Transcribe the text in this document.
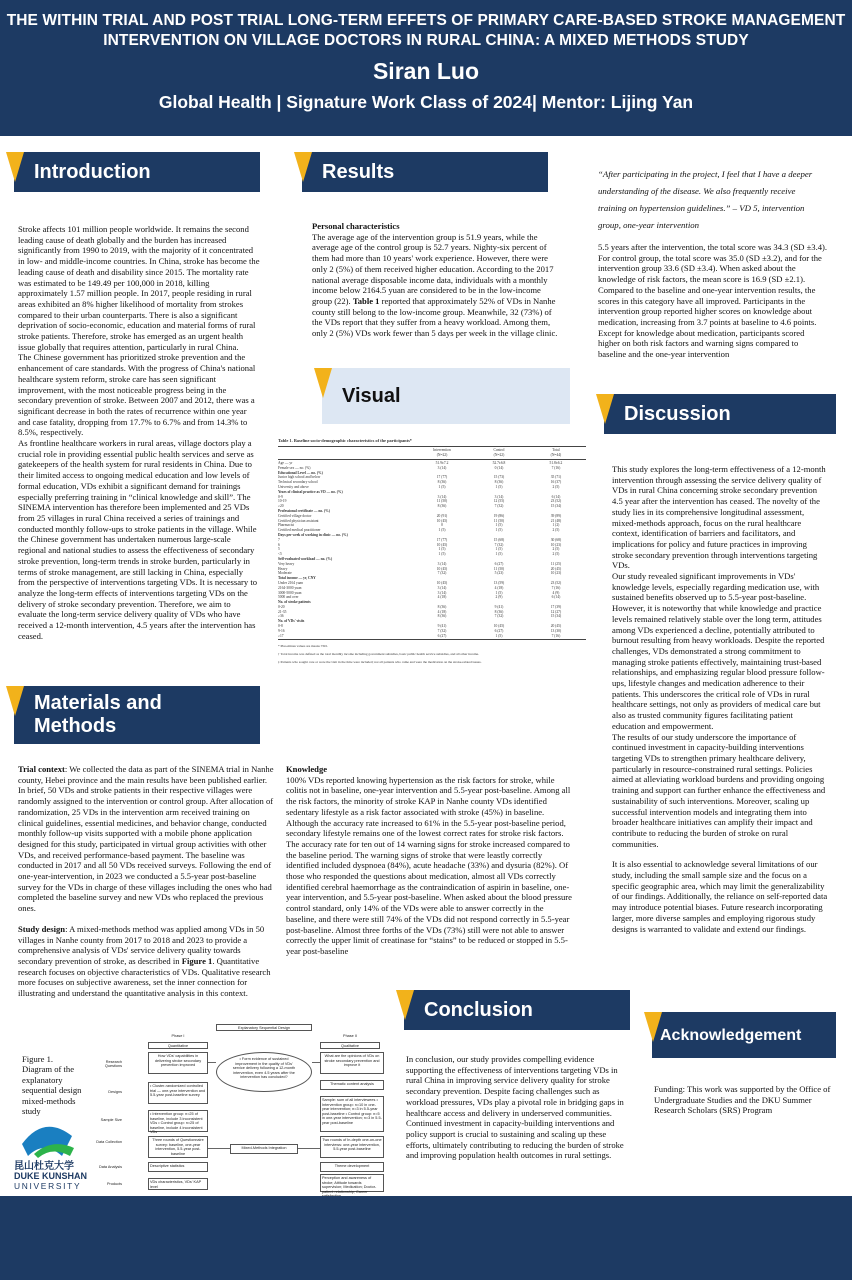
THE WITHIN TRIAL AND POST TRIAL LONG-TERM EFFETS OF PRIMARY CARE-BASED STROKE MANAGEMENT
INTERVENTION ON VILLAGE DOCTORS IN RURAL CHINA: A MIXED METHODS STUDY
Siran Luo
Global Health | Signature Work Class of 2024| Mentor: Lijing Yan
Introduction

Stroke affects 101 million people worldwide. It remains the second leading cause of death globally and the burden has increased significantly from 1990 to 2019, with the majority of it concentrated in low- and middle-income countries. In China, stroke has become the leading cause of death and disability since 2015. The mortality rate was estimated to be 149.49 per 100,000 in 2018, killing approximately 1.57 million people. In 2017, people residing in rural areas exhibited an 8% higher likelihood of mortality from strokes compared to their urban counterparts. There is also a significant deprivation of socio-economic, education and material forms of rural stroke patients. Therefore, stroke has emerged as an urgent health issue globally that requires attention, particularly in rural China.

The Chinese government has prioritized stroke prevention and the enhancement of care standards. With the progress of China's national healthcare system reform, stroke care has seen significant improvement, with the most noticeable progress being in the secondary prevention of stroke. Between 2007 and 2012, there was a significant decrease in both the rates of recurrence within one year and case fatality, dropping from 17.7% to 6.7% and from 14.3% to 8.5%, respectively.

As frontline healthcare workers in rural areas, village doctors play a crucial role in providing essential public health services and serve as gatekeepers of the health system for rural residents in China. Due to their limited access to ongoing medical education and low levels of formal education, VDs exhibit a significant demand for trainings especially preferring training in “clinical knowledge and skill”. The SINEMA intervention has therefore been implemented and 25 VDs from 25 villages in rural China received a series of trainings and conducted monthly follow-ups to stroke patients in the village. While the Chinese government has undertaken numerous large-scale regional and national studies to assess the effectiveness of secondary stroke prevention, long-term trends in stroke burden, particularly in terms of stroke management, are still lacking in China, especially from the perspective of interventions targeting VDs. It is necessary to analyze the long-term effects of interventions targeting VDs on the delivery of stroke secondary prevention. Therefore, we aim to evaluate the long-term service delivery quality of VDs who have received a 12-month intervention, 4.5 years after the intervention has ceased.

Materials and
Methods

Trial context: We collected the data as part of the SINEMA trial in Nanhe county, Hebei province and the main results have been published earlier. In brief, 50 VDs and stroke patients in their respective villages were randomly assigned to the intervention or control group. After allocation of randomization, 25 VDs in the intervention arm received training on clinical guidelines, essential medicines, and behavior change, conducted monthly follow-up visits supported with a mobile phone application designed for this study, participated in virtual group activities with other VDs, and received performance-based payment. The baseline was conducted in 2017 and all 50 VDs received surveys. Following the end of one-year-intervention, in 2023 we conducted a 5.5-year post-baseline survey for the VDs in charge of these villages including the ones who had completed the baseline survey and new VDs who replaced the previous ones.

Study design: A mixed-methods method was applied among VDs in 50 villages in Nanhe county from 2017 to 2018 and 2023 to provide a comprehensive analysis of VDs' service delivery quality towards secondary prevention of stroke, as described in Figure 1. Quantitative research focuses on objective characteristics of VDs. Qualitative research more focuses on subjective awareness, set the inner connection for illustrating and understand the quantitative analysis in this context.

Figure 1. Diagram of the explanatory sequential design mixed-methods study
Explanatory Sequential Design
Phase I	Phase II
Quantitative	Qualitative
Research Questions
Designs
Sample Size
Data Collection
Data Analysis
Products
How VDs' capabilities in delivering stroke secondary prevention improved
• Cluster-randomized controlled trial — one-year intervention and 5.5-year post-baseline survey
• Intervention group: n=25 of baseline, include 3 inconsistent VDs • Control group: n=25 of baseline, include 4 inconsistent VDs
Three rounds of Questionnaire survey: baseline, one-year intervention, 5.5-year post-baseline
Descriptive statistics
VDs characteristics, VDs' KAP level
• Form evidence of sustained improvement in the quality of VDs' service delivery following a 12-month intervention, even 4.5 years after the intervention has concluded?
Mixed-Methods Integration
What are the opinions of VDs on stroke secondary prevention and improve it
Thematic content analysis
Sample: sum of all interviewees • Intervention group: n=10 in one-year intervention; n=3 in 5.5-year post-baseline • Control group: n=5 in one-year intervention; n=3 in 5.5-year post-baseline
Two rounds of In-depth one-on-one interviews: one-year intervention, 5.5-year post-baseline
Theme development
Perception and awareness of stroke; Attitude towards supervision; Medication; Doctor-patient relationship; Career
昆山杜克大学
DUKE KUNSHAN
UNIVERSITY
Results

Personal characteristics

The average age of the intervention group is 51.9 years, while the average age of the control group is 52.7 years. Nighty-six percent of them had more than 10 years' work experience. However, there were only 2 (5%) of them received higher education. According to the 2017 national average disposable income data, individuals with a monthly income below 2164.5 yuan are considered to be in the low-income group (22). Table 1 reported that approximately 52% of VDs in Nanhe county still belong to the low-income group. Meanwhile, 32 (73%) of the VDs report that they suffer from a heavy workload. Among them, only 2 (5%) VDs work fewer than 5 days per week in the village clinic.

Visual
Table 1. Baseline socio-demographic characteristics of the participants*
Intervention	Control	Total
(N=22)	(N=22)	(N=44)
Age — yr	51.9±7.2	52.7±6.8	51.8±6.2
Female sex — no. (%)	3 (14)	0 (14)	7 (16)
Educational Level — no. (%)
Junior high school and below	17 (77)	15 (73)	35 (71)
Technical secondary school	8 (36)	8 (36)	16 (37)
University and above	1 (5)	1 (5)	2 (5)
Years of clinical practice as VD — no. (%)
0-9	3 (14)	3 (14)	6 (14)
10-19	11 (50)	12 (55)	23 (52)
≥20	8 (36)	7 (32)	15 (34)
Professional certificate — no. (%)
Certified village doctor	20 (91)	19 (86)	39 (89)
Certified physician assistant	10 (45)	11 (50)	21 (48)
Pharmacist	0	1 (5)	1 (2)
Certified medical practitioner	1 (5)	1 (5)	2 (5)
Days per week of working in clinic — no. (%)
7	17 (77)	15 (68)	30 (68)
6	10 (45)	7 (32)	10 (23)
5	1 (5)	1 (5)	2 (5)
<5	1 (5)	1 (5)	2 (5)
Self-evaluated workload — no. (%)
Very heavy	3 (14)	6 (27)	11 (25)
Heavy	10 (45)	11 (50)	20 (45)
Moderate	7 (32)	5 (23)	10 (23)
Total income — yr, CNY
Under 2164 yuan	10 (45)	13 (59)	23 (52)
2164-3000 yuan	3 (14)	4 (18)	7 (16)
3000-5000 yuan	3 (14)	1 (5)	4 (9)
5000 and over	4 (18)	2 (9)	6 (14)
No. of stroke patients
0-20	8 (36)	9 (41)	17 (39)
21-35	4 (18)	8 (36)	12 (27)
≥36	8 (36)	7 (32)	15 (34)
No. of VDs' visits
0-8	9 (41)	10 (45)	20 (45)
9-16	7 (32)	6 (27)	13 (30)
≥17	6 (27)	1 (5)	7 (16)
* Plus-minus values are means ±SD.
† Total income was defined as the total monthly income including government subsidies, basic public health service subsidies, and all other income.
‡ Patients who sought care or were the visit in the time were included; not all patients who came and were the medication on the stroke-related issues.

Knowledge

100% VDs reported knowing hypertension as the risk factors for stroke, while colitis not in baseline, one-year intervention and 5.5-year post-baseline. Among all the risk factors, the minority of stroke KAP in Nanhe county VDs identified sedentary lifestyle as a risk factor associated with stroke (45%) in baseline. Although the accuracy rate increased to 61% in the 5.5-year post-baseline period, secondary lifestyle remains one of the lowest correct rates for stroke risk factors. The accuracy rate for ten out of 14 warning signs for stroke increased compared to the baseline period. The warning signs of stroke that were leastly correctly identified included dyspnoea (84%), acute headache (33%) and dysuria (82%). Of those who responded the questions about medication, almost all VDs correctly identified cerebral haemorrhage as the contraindication of aspirin in baseline, one-year intervention, and 5.5-year post-baseline. When asked about the blood pressure control standard, only 14% of the VDs were able to answer correctly in the baseline, and there were still 74% of the VDs did not respond correctly in 5.5-year post-baseline. Almost three forths of the VDs (73%) still were not able to answer correctly the upper limit of creatinase for “stains” to be reduced or stopped in 5.5-year post-baseline

Conclusion
In conclusion, our study provides compelling evidence supporting the effectiveness of interventions targeting VDs in rural China in improving service delivery quality for stroke secondary prevention. Despite facing challenges such as workload pressures, VDs play a pivotal role in bridging gaps in healthcare access and delivery in underserved communities. Continued investment in capacity-building interventions and policy support is crucial to sustaining and scaling up these efforts, ultimately contributing to reducing the burden of stroke and improving population health outcomes in rural settings.
“After participating in the project, I feel that I have a deeper understanding of the disease. We also frequently receive training on hypertension guidelines.” – VD 5, intervention group, one-year intervention
5.5 years after the intervention, the total score was 34.3 (SD ±3.4). For control group, the total score was 35.0 (SD ±3.2), and for the intervention group 33.6 (SD ±3.4). When asked about the knowledge of risk factors, the mean score is 16.9 (SD ±2.1). Compared to the baseline and one-year intervention results, the scores in this category have all improved. Participants in the intervention group reported higher scores on knowledge about medication, increasing from 3.7 points at baseline to 4.6 points. Except for knowledge about medication, participants scored higher on both risk factors and warning signs compared to baseline and the one-year intervention
Discussion

This study explores the long-term effectiveness of a 12-month intervention through assessing the service delivery quality of VDs in rural China concerning stroke secondary prevention 4.5 year after the intervention has ceased. The novelty of the study lies in its comprehensive longitudinal assessment, mixed-methods approach, focus on the rural healthcare context, identification of barriers and facilitators, and implications for policy and future practices in improving stroke secondary prevention through interventions targeting VDs.

Our study revealed significant improvements in VDs' knowledge levels, especially regarding medication use, with sustained benefits observed up to 5.5-year post-baseline. However, it is noteworthy that while knowledge and practice levels remained relatively stable over the long term, attitudes among VDs experienced a decline, potentially attributed to burnout resulting from heavy workloads. Despite the reported challenges, VDs demonstrated a strong commitment to managing stroke patients effectively, maintaining trust-based relationships, and emphasizing regular blood pressure follow-ups, lifestyle changes and medication adherence to their patients. This underscores the critical role of VDs in rural healthcare settings, not only as providers of medical care but also as trusted community figures facilitating patient education and empowerment.

The results of our study underscore the importance of continued investment in capacity-building interventions targeting VDs to strengthen primary healthcare delivery, particularly in resource-constrained rural settings. Policies aimed at alleviating workload burdens and providing ongoing training and support can further enhance the effectiveness and sustainability of such interventions. Moreover, scaling up successful intervention models and integrating them into broader healthcare initiatives can amplify their impact and contribute to reducing the burden of stroke on rural communities.

It is also essential to acknowledge several limitations of our study, including the small sample size and the focus on a specific geographic area, which may limit the generalizability of our findings. Additionally, the reliance on self-reported data may introduce potential biases. Future research incorporating larger, more diverse samples and employing rigorous study designs is warranted to validate and extend our findings.

Acknowledgement
Funding: This work was supported by the Office of Undergraduate Studies and the DKU Summer Research Scholars (SRS) Program
